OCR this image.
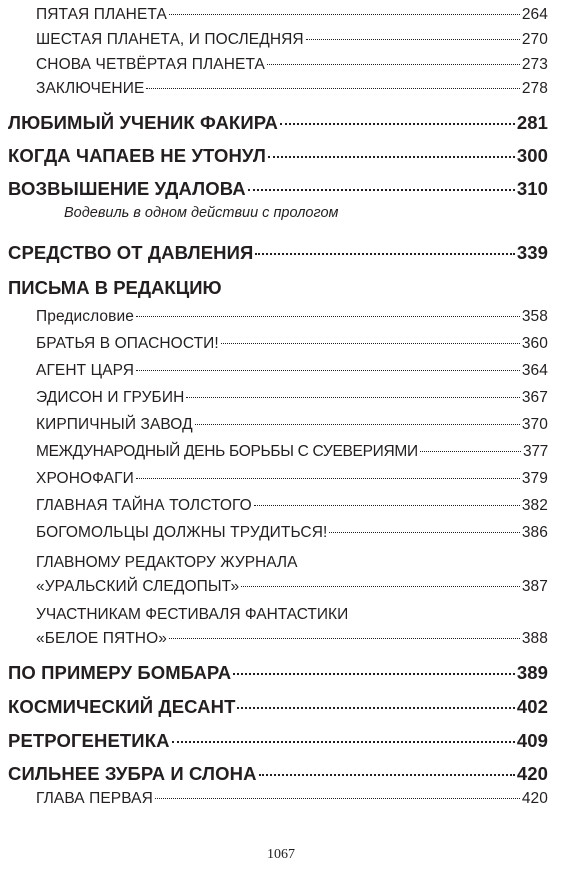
ПЯТАЯ ПЛАНЕТА	264
ШЕСТАЯ ПЛАНЕТА, И ПОСЛЕДНЯЯ	270
СНОВА ЧЕТВЁРТАЯ ПЛАНЕТА	273
ЗАКЛЮЧЕНИЕ	278
ЛЮБИМЫЙ УЧЕНИК ФАКИРА	281
КОГДА ЧАПАЕВ НЕ УТОНУЛ	300
ВОЗВЫШЕНИЕ УДАЛОВА	310
Водевиль в одном действии с прологом
СРЕДСТВО ОТ ДАВЛЕНИЯ	339
ПИСЬМА В РЕДАКЦИЮ
Предисловие	358
БРАТЬЯ В ОПАСНОСТИ!	360
АГЕНТ ЦАРЯ	364
ЭДИСОН И ГРУБИН	367
КИРПИЧНЫЙ ЗАВОД	370
МЕЖДУНАРОДНЫЙ ДЕНЬ БОРЬБЫ С СУЕВЕРИЯМИ	377
ХРОНОФАГИ	379
ГЛАВНАЯ ТАЙНА ТОЛСТОГО	382
БОГОМОЛЬЦЫ ДОЛЖНЫ ТРУДИТЬСЯ!	386
ГЛАВНОМУ РЕДАКТОРУ ЖУРНАЛА
«УРАЛЬСКИЙ СЛЕДОПЫТ»	387
УЧАСТНИКАМ ФЕСТИВАЛЯ ФАНТАСТИКИ
«БЕЛОЕ ПЯТНО»	388
ПО ПРИМЕРУ БОМБАРА	389
КОСМИЧЕСКИЙ ДЕСАНТ	402
РЕТРОГЕНЕТИКА	409
СИЛЬНЕЕ ЗУБРА И СЛОНА	420
ГЛАВА ПЕРВАЯ	420
1067
